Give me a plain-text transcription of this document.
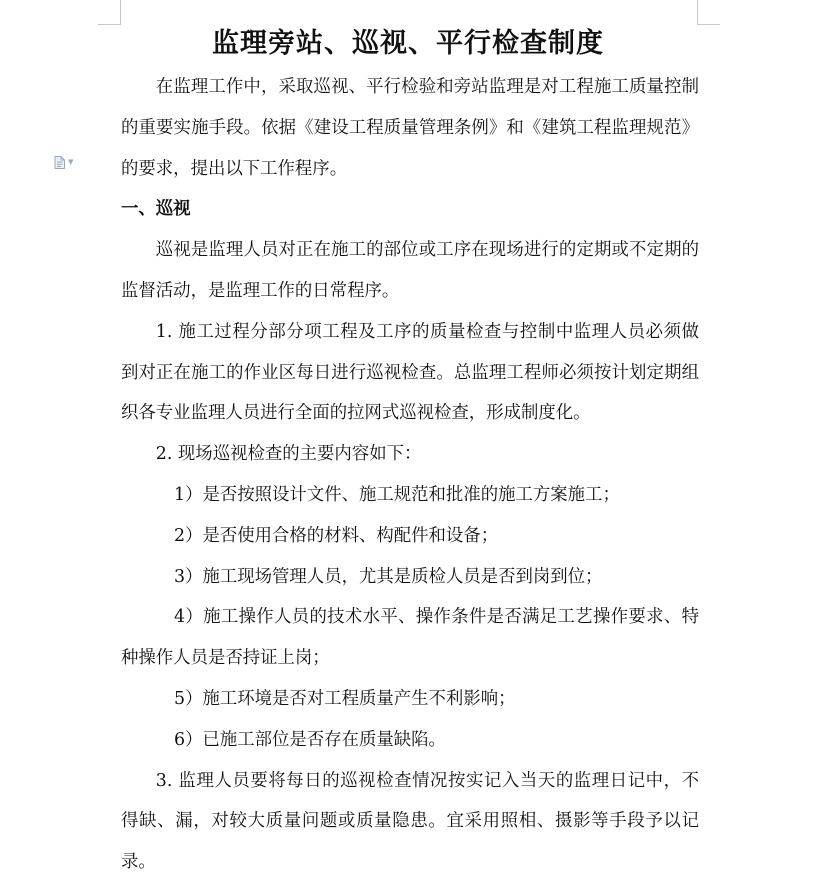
▼
监理旁站、巡视、平行检查制度

在监理工作中，采取巡视、平行检验和旁站监理是对工程施工质量控制的重要实施手段。依据《建设工程质量管理条例》和《建筑工程监理规范》的要求，提出以下工作程序。

一、巡视

巡视是监理人员对正在施工的部位或工序在现场进行的定期或不定期的监督活动，是监理工作的日常程序。

1. 施工过程分部分项工程及工序的质量检查与控制中监理人员必须做到对正在施工的作业区每日进行巡视检查。总监理工程师必须按计划定期组织各专业监理人员进行全面的拉网式巡视检查，形成制度化。

2. 现场巡视检查的主要内容如下：

1）是否按照设计文件、施工规范和批准的施工方案施工；

2）是否使用合格的材料、构配件和设备；

3）施工现场管理人员，尤其是质检人员是否到岗到位；

4）施工操作人员的技术水平、操作条件是否满足工艺操作要求、特种操作人员是否持证上岗；

5）施工环境是否对工程质量产生不利影响；

6）已施工部位是否存在质量缺陷。

3. 监理人员要将每日的巡视检查情况按实记入当天的监理日记中，不得缺、漏，对较大质量问题或质量隐患。宜采用照相、摄影等手段予以记录。
